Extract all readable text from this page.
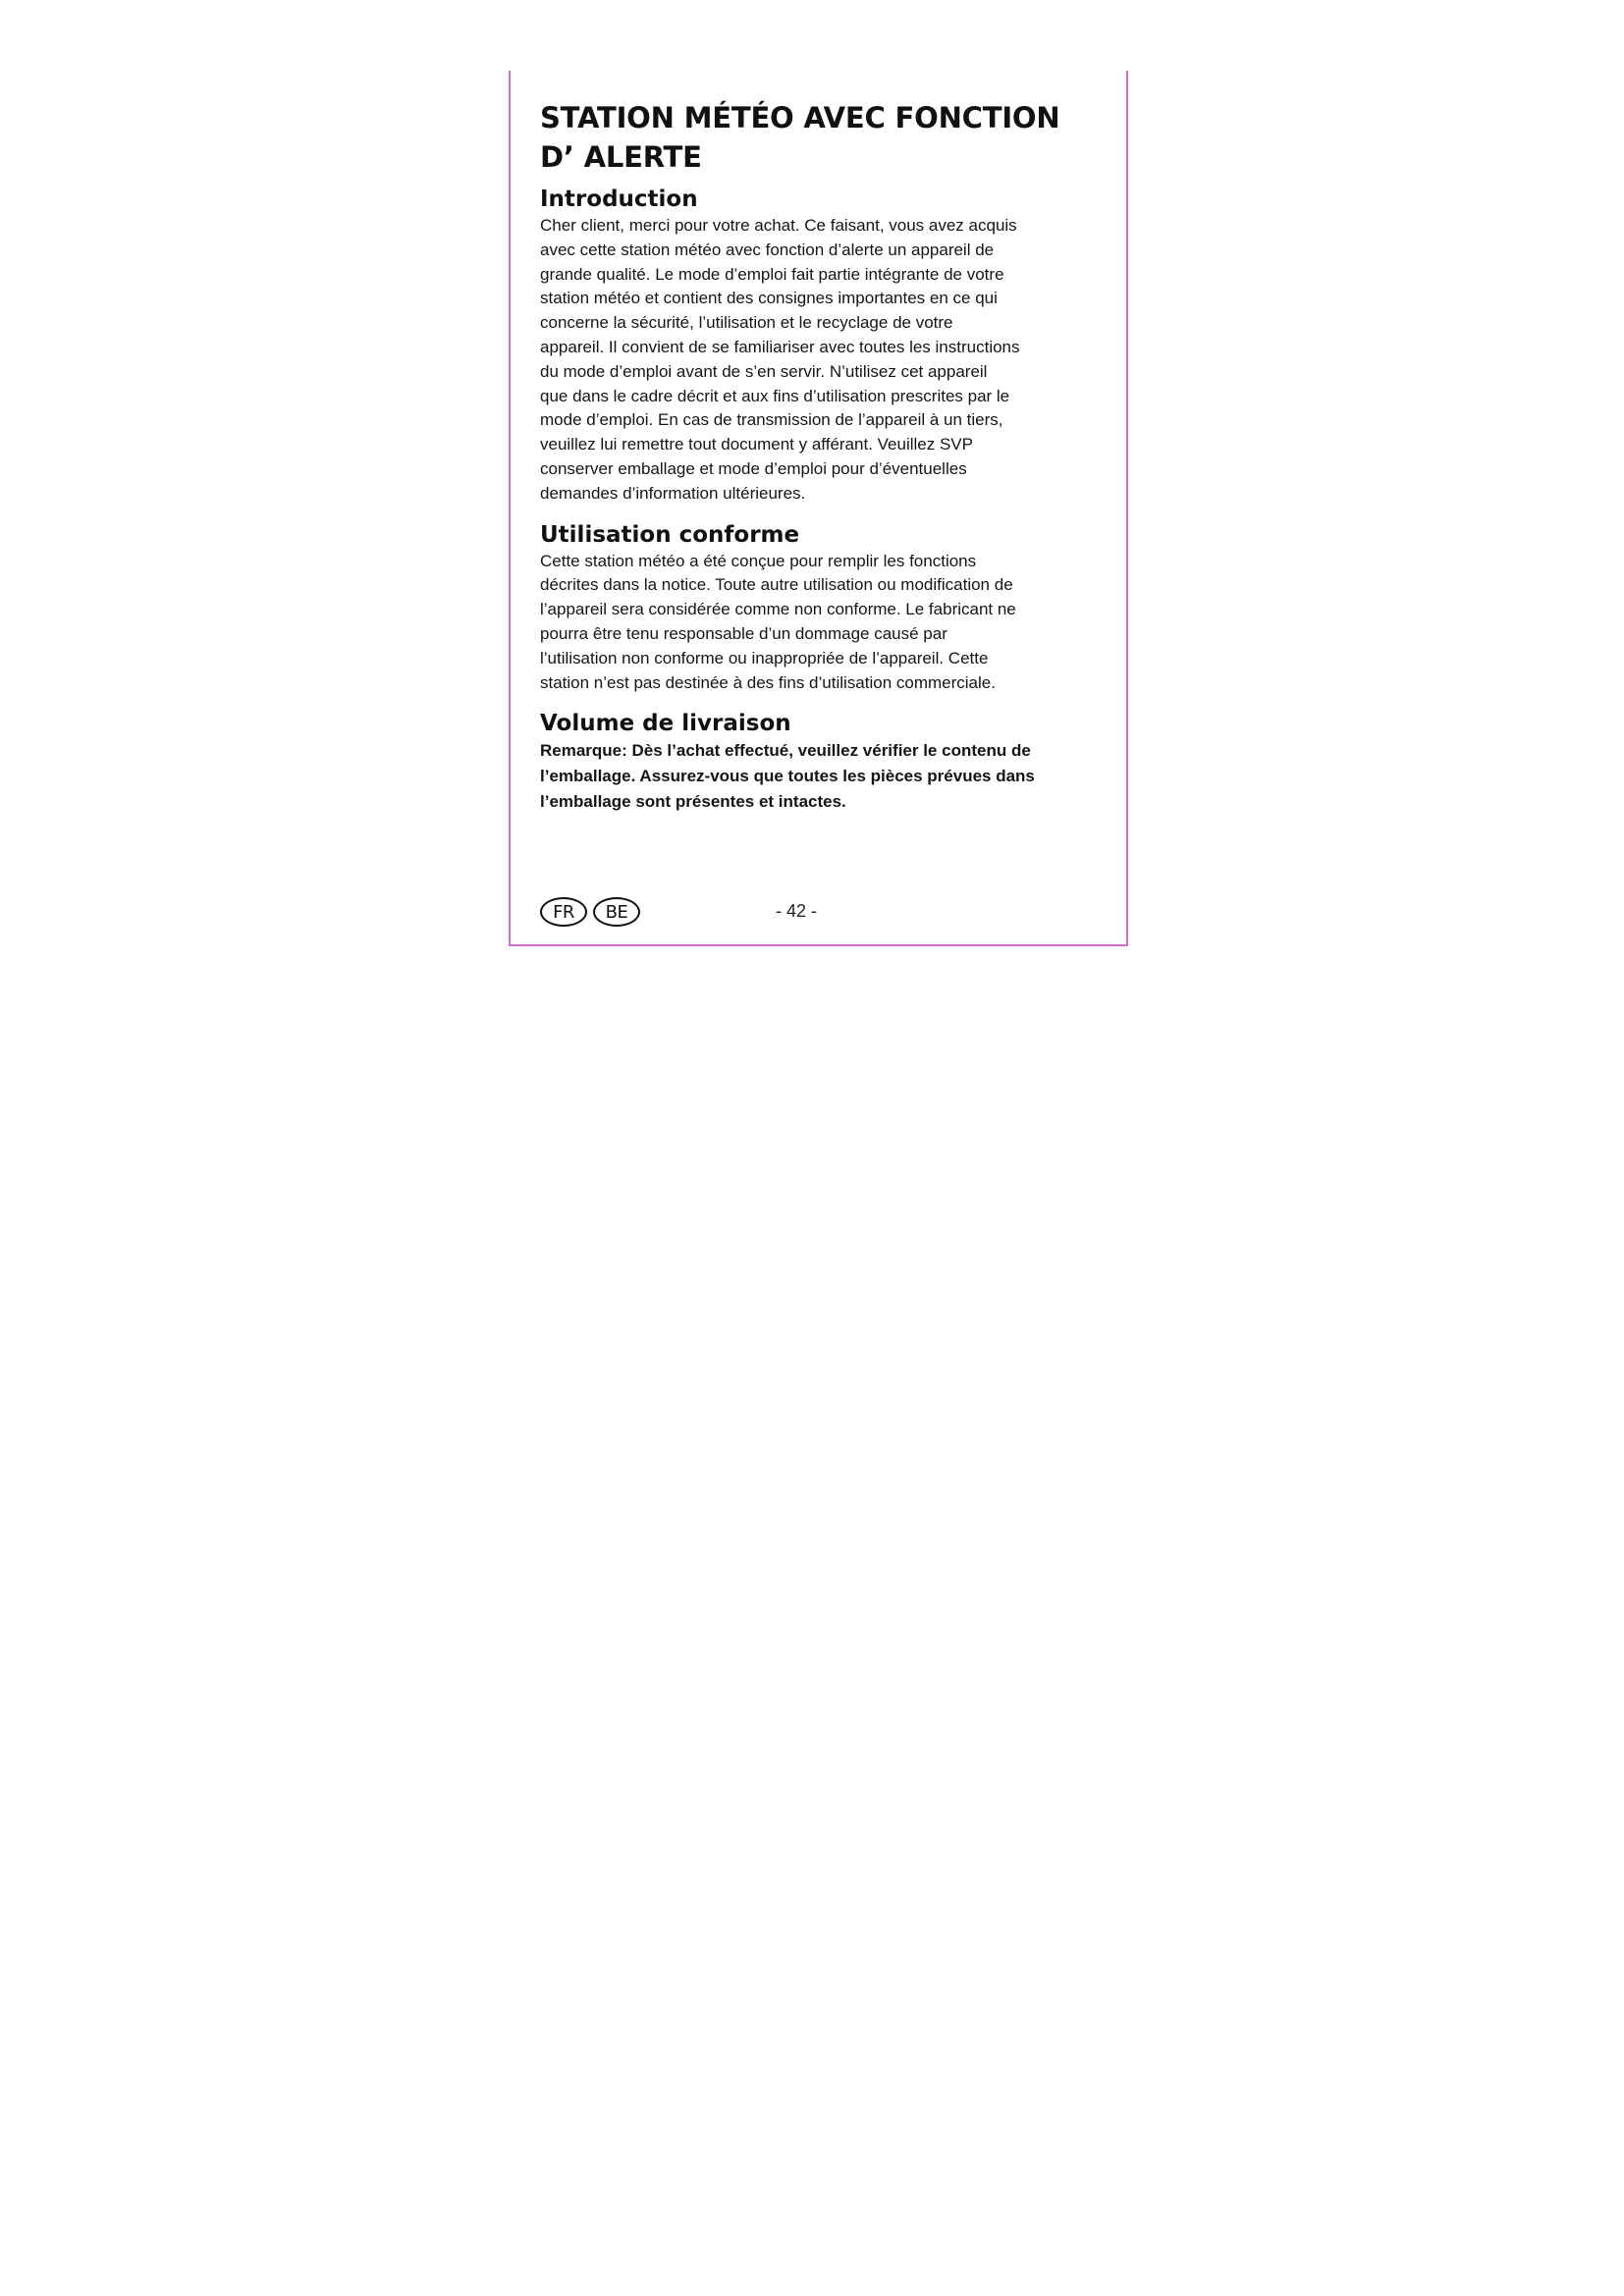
STATION MÉTÉO AVEC FONCTION
D’ ALERTE
Introduction

Cher client, merci pour votre achat. Ce faisant, vous avez acquis
avec cette station météo avec fonction d’alerte un appareil de
grande qualité. Le mode d’emploi fait partie intégrante de votre
station météo et contient des consignes importantes en ce qui
concerne la sécurité, l’utilisation et le recyclage de votre
appareil. Il convient de se familiariser avec toutes les instructions
du mode d’emploi avant de s’en servir. N’utilisez cet appareil
que dans le cadre décrit et aux fins d’utilisation prescrites par le
mode d’emploi. En cas de transmission de l’appareil à un tiers,
veuillez lui remettre tout document y afférant. Veuillez SVP
conserver emballage et mode d’emploi pour d’éventuelles
demandes d’information ultérieures.

Utilisation conforme

Cette station météo a été conçue pour remplir les fonctions
décrites dans la notice. Toute autre utilisation ou modification de
l’appareil sera considérée comme non conforme. Le fabricant ne
pourra être tenu responsable d’un dommage causé par
l’utilisation non conforme ou inappropriée de l’appareil. Cette
station n’est pas destinée à des fins d’utilisation commerciale.

Volume de livraison

Remarque: Dès l’achat effectué, veuillez vérifier le contenu de
l’emballage. Assurez-vous que toutes les pièces prévues dans
l’emballage sont présentes et intactes.

FR	BE	- 42 -
